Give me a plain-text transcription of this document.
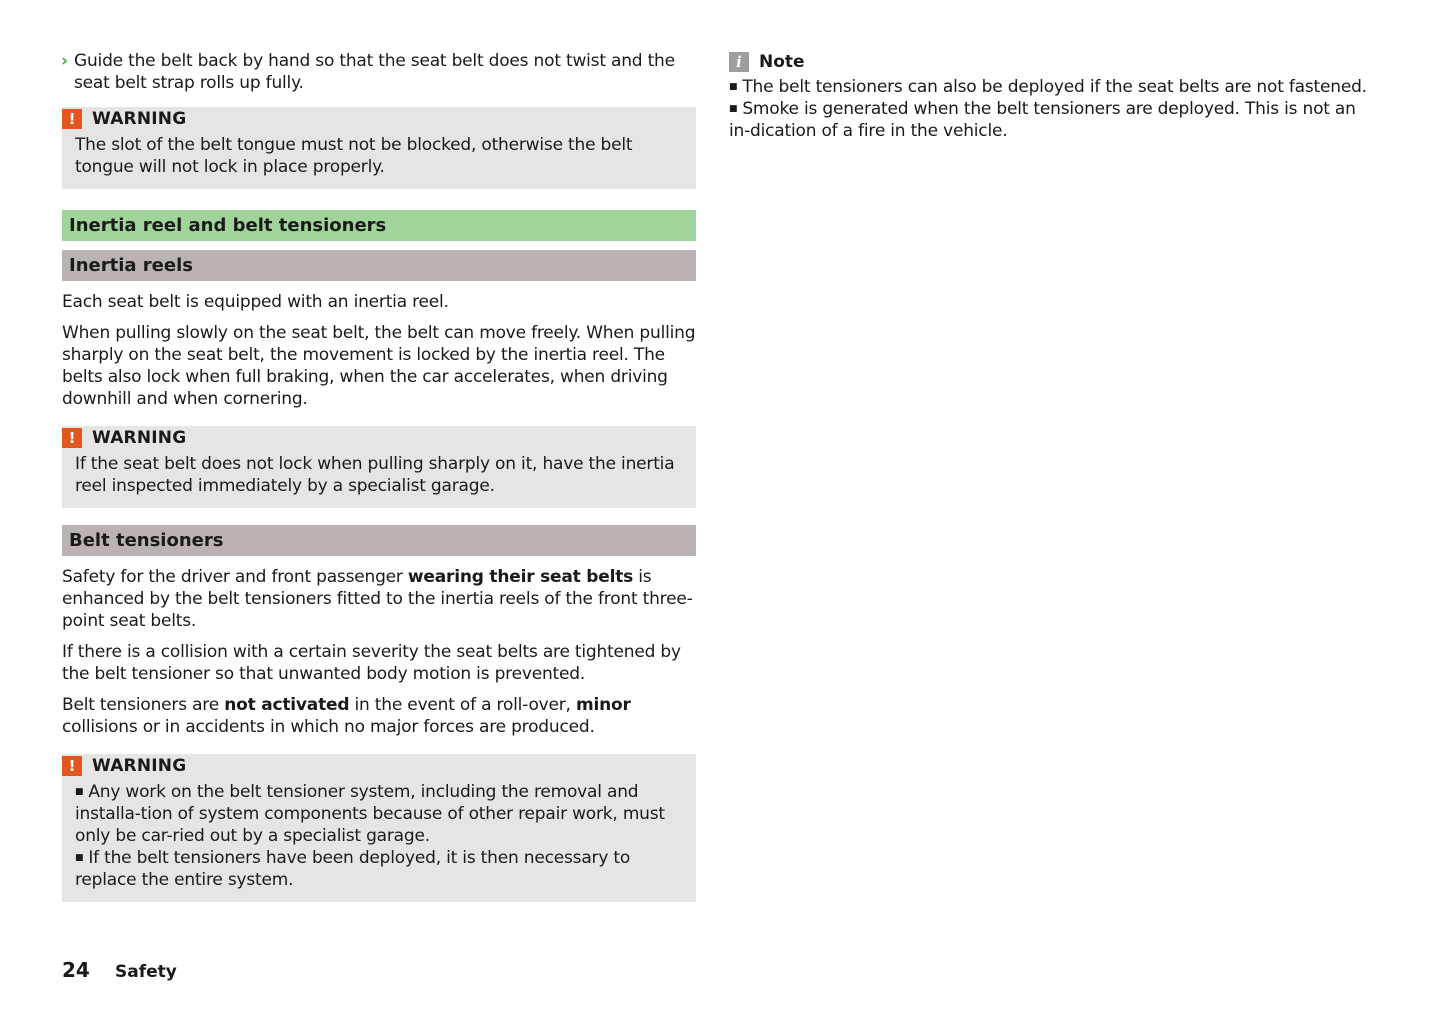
› Guide the belt back by hand so that the seat belt does not twist and the seat belt strap rolls up fully.
! WARNING
The slot of the belt tongue must not be blocked, otherwise the belt tongue will not lock in place properly.
Inertia reel and belt tensioners
Inertia reels

Each seat belt is equipped with an inertia reel.

When pulling slowly on the seat belt, the belt can move freely. When pulling sharply on the seat belt, the movement is locked by the inertia reel. The belts also lock when full braking, when the car accelerates, when driving downhill and when cornering.

! WARNING
If the seat belt does not lock when pulling sharply on it, have the inertia reel inspected immediately by a specialist garage.
Belt tensioners

Safety for the driver and front passenger wearing their seat belts is enhanced by the belt tensioners fitted to the inertia reels of the front three-point seat belts.

If there is a collision with a certain severity the seat belts are tightened by the belt tensioner so that unwanted body motion is prevented.

Belt tensioners are not activated in the event of a roll-over, minor collisions or in accidents in which no major forces are produced.

! WARNING
■ Any work on the belt tensioner system, including the removal and installa-tion of system components because of other repair work, must only be car-ried out by a specialist garage.
■ If the belt tensioners have been deployed, it is then necessary to replace the entire system.
i	Note
■ The belt tensioners can also be deployed if the seat belts are not fastened.
■ Smoke is generated when the belt tensioners are deployed. This is not an in-dication of a fire in the vehicle.
24	Safety
